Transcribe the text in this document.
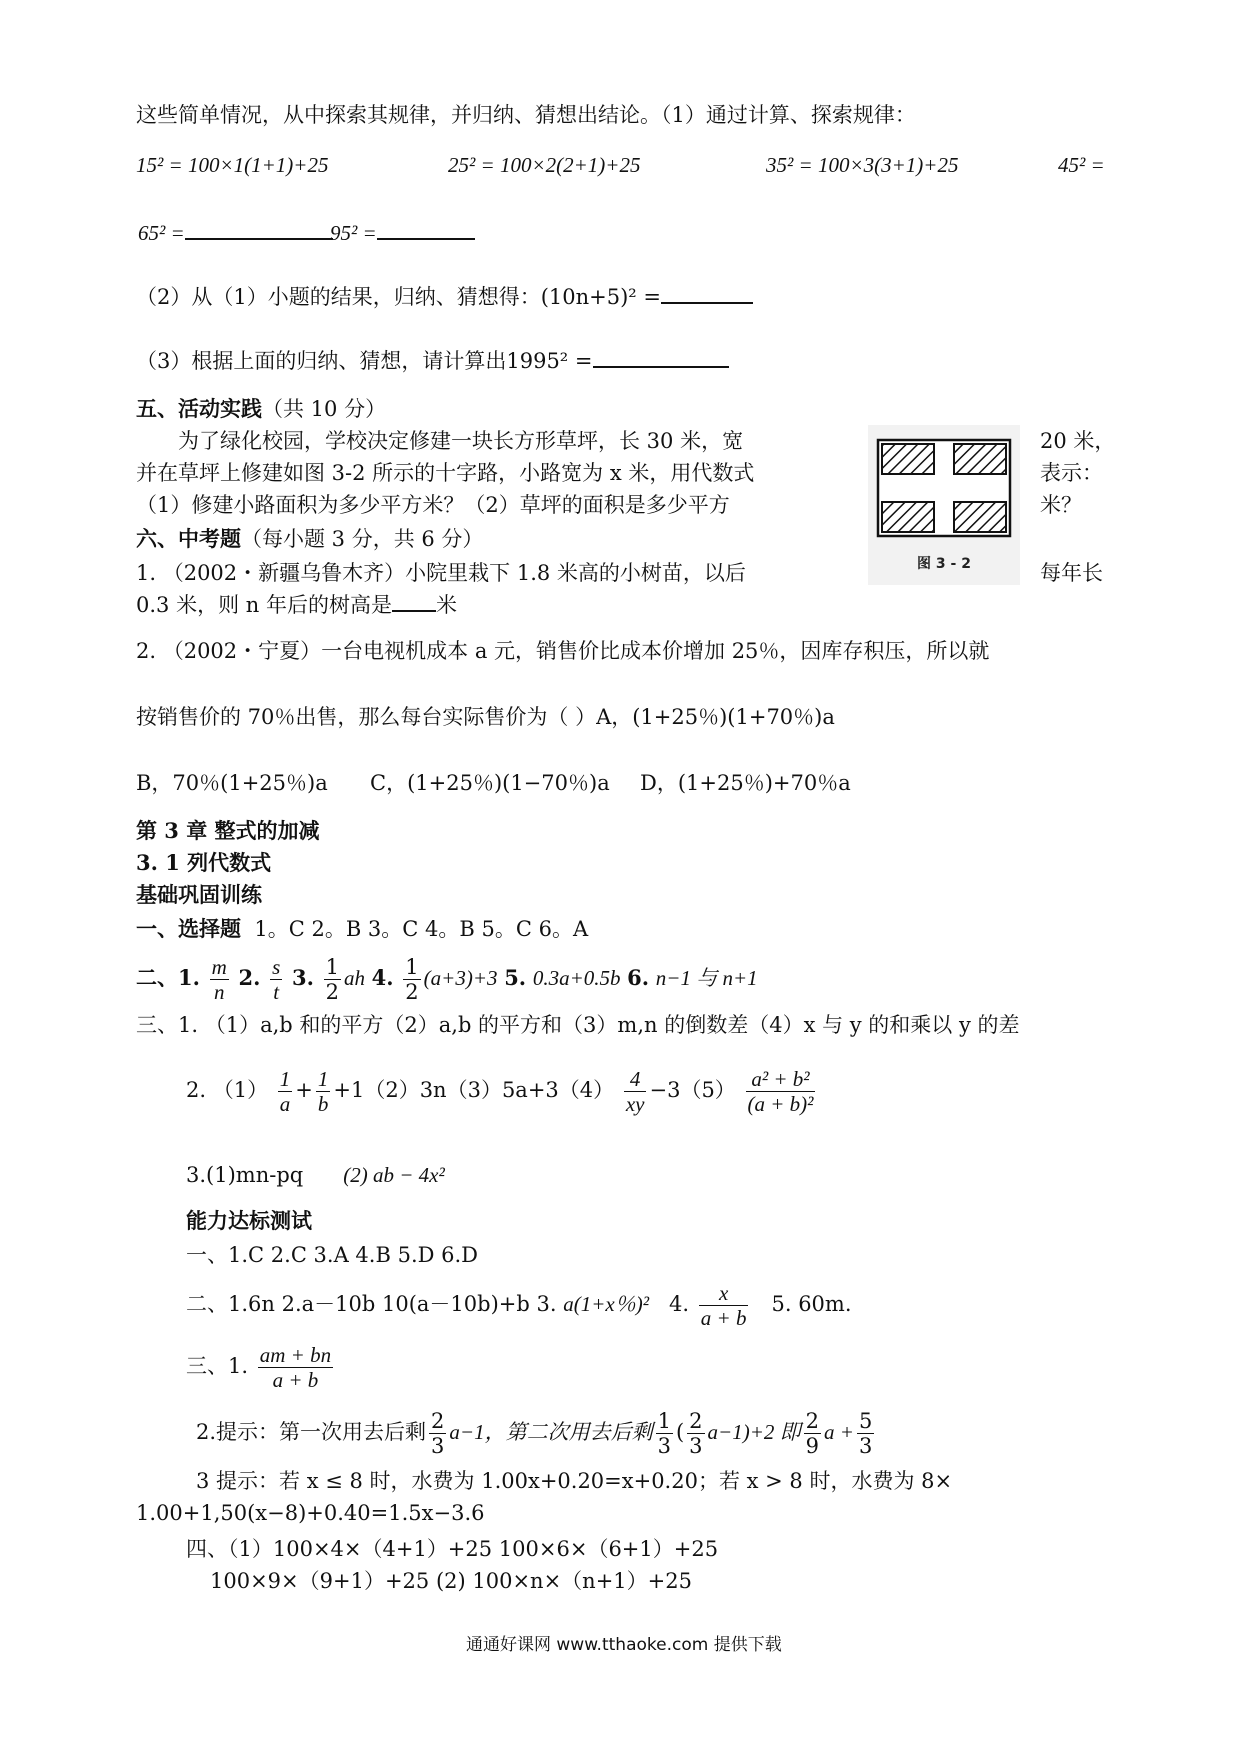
这些简单情况，从中探索其规律，并归纳、猜想出结论。（1）通过计算、探索规律：
15² = 100×1(1+1)+25	25² = 100×2(2+1)+25	35² = 100×3(3+1)+25	45² =
65² =	95² =
（2）从（1）小题的结果，归纳、猜想得：(10n+5)² =
（3）根据上面的归纳、猜想，请计算出1995² =
五、活动实践（共 10 分）
为了绿化校园，学校决定修建一块长方形草坪，长 30 米，宽	20 米，
并在草坪上修建如图 3-2 所示的十字路，小路宽为 x 米，用代数式	表示：
（1）修建小路面积为多少平方米？（2）草坪的面积是多少平方	米？
图 3 - 2
六、中考题（每小题 3 分，共 6 分）
1. （2002・新疆乌鲁木齐）小院里栽下 1.8 米高的小树苗，以后	每年长
0.3 米，则 n 年后的树高是 米
2. （2002・宁夏）一台电视机成本 a 元，销售价比成本价增加 25％，因库存积压，所以就
按销售价的 70％出售，那么每台实际售价为（ ）A，(1+25％)(1+70％)a
B，70％(1+25％)a C，(1+25％)(1−70％)a D，(1+25％)+70％a
第 3 章 整式的加减
3. 1 列代数式
基础巩固训练
一、选择题 1。C 2。B 3。C 4。B 5。C 6。A
二、1. $\frac{m}{n} 2$. $\frac{s}{t} 3$. $\frac{1}{2}$ ah 4. $\frac{1}{2} (a+3)+3$ 5. 0.3a+0.5b 6. n−1 与 n+1
三、1. （1）a,b 和的平方（2）a,b 的平方和（3）m,n 的倒数差（4）x 与 y 的和乘以 y 的差
2. $(1) \frac{1}{a} + \frac{1}{b} +1(2)3n(3)5a+3(4) \frac{4}{xy} -3(5) \frac{\text{a² + b²}}{\text{(a + b)²}}$
3.(1)mn-pq (2) ab − 4x²
能力达标测试
一、1.C 2.C 3.A 4.B 5.D 6.D
二、1.6n 2.a－10b 10(a－10b)+b 3. a(1+x％)² 4. $\frac{x}{a + b} 5$. 60m.
三、1. $\frac{am + bn}{a + b}$
2.提示：第一次用去后剩 $\frac{2}{3} a-1$，第二次用去后剩 $\frac{1}{3}$ ( $\frac{2}{3} a-1)+2$ 即 $\frac{2}{9}$ $a + \frac{5}{3}$
3 提示：若 x ≤ 8 时，水费为 1.00x+0.20=x+0.20；若 x > 8 时，水费为 8×
1.00+1,50(x−8)+0.40=1.5x−3.6
四、（1）100×4×（4+1）+25 100×6×（6+1）+25
100×9×（9+1）+25 (2) 100×n×（n+1）+25
通通好课网 www.tthaoke.com 提供下载
